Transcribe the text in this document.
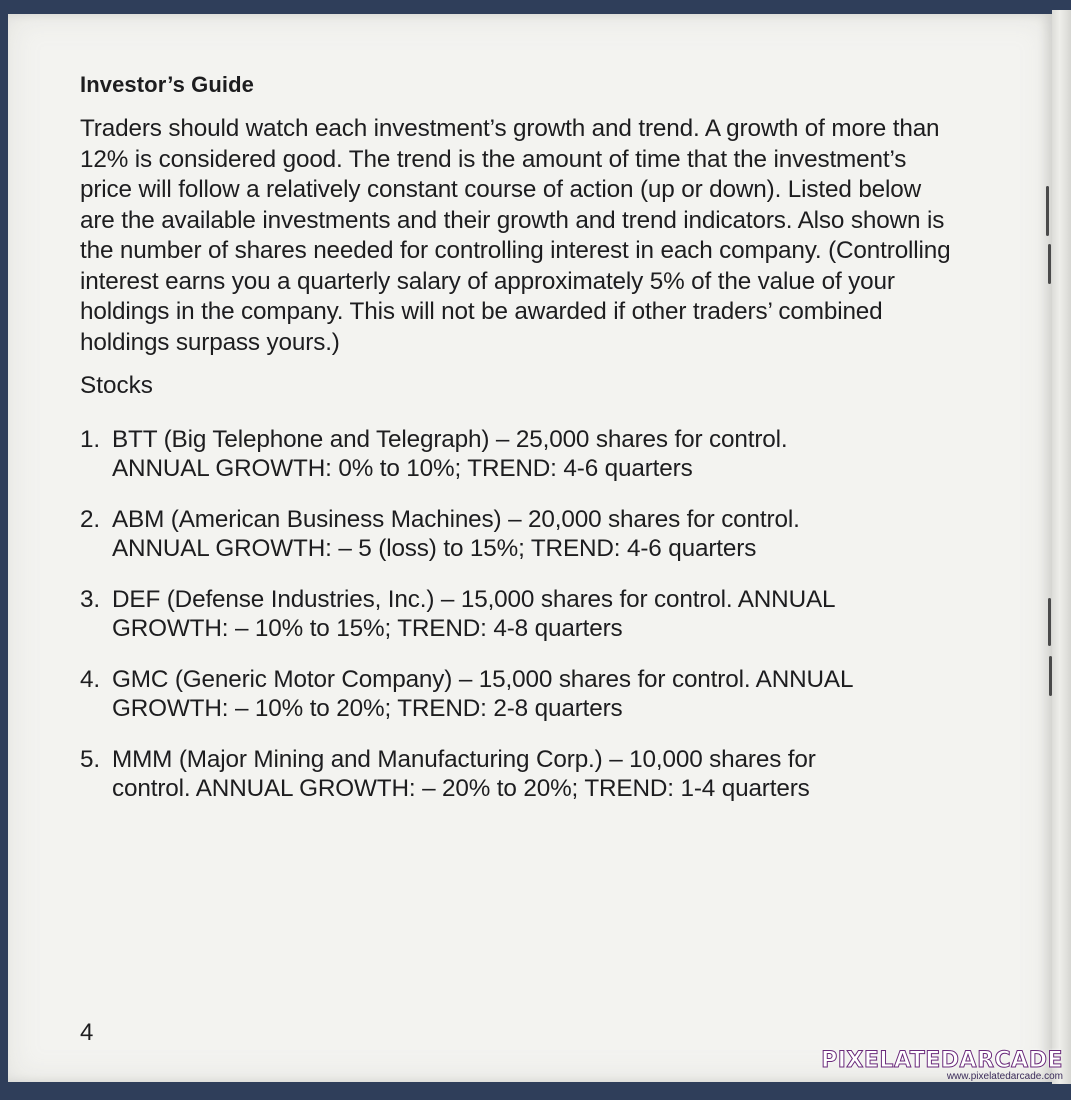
Investor’s Guide

Traders should watch each investment’s growth and trend. A growth of more than 12% is considered good. The trend is the amount of time that the investment’s price will follow a relatively constant course of action (up or down). Listed below are the available investments and their growth and trend indicators. Also shown is the number of shares needed for controlling interest in each company. (Controlling interest earns you a quarterly salary of approximately 5% of the value of your holdings in the company. This will not be awarded if other traders’ combined holdings surpass yours.)

Stocks
1. BTT (Big Telephone and Telegraph) – 25,000 shares for control.
ANNUAL GROWTH: 0% to 10%; TREND: 4-6 quarters
2. ABM (American Business Machines) – 20,000 shares for control.
ANNUAL GROWTH: – 5 (loss) to 15%; TREND: 4-6 quarters
3. DEF (Defense Industries, Inc.) – 15,000 shares for control. ANNUAL
GROWTH: – 10% to 15%; TREND: 4-8 quarters
4. GMC (Generic Motor Company) – 15,000 shares for control. ANNUAL
GROWTH: – 10% to 20%; TREND: 2-8 quarters
5. MMM (Major Mining and Manufacturing Corp.) – 10,000 shares for
control. ANNUAL GROWTH: – 20% to 20%; TREND: 1-4 quarters
4
PIXELATEDARCADE
www.pixelatedarcade.com
